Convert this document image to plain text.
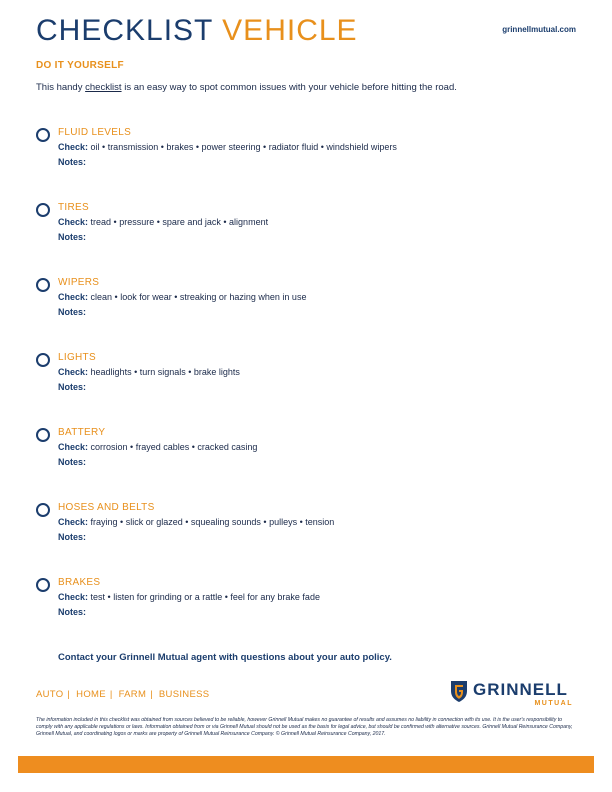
CHECKLIST VEHICLE	grinnellmutual.com
DO IT YOURSELF
This handy checklist is an easy way to spot common issues with your vehicle before hitting the road.
FLUID LEVELS
Check: oil • transmission • brakes • power steering • radiator fluid • windshield wipers
Notes:
TIRES
Check: tread • pressure • spare and jack • alignment
Notes:
WIPERS
Check: clean • look for wear • streaking or hazing when in use
Notes:
LIGHTS
Check: headlights • turn signals • brake lights
Notes:
BATTERY
Check: corrosion • frayed cables • cracked casing
Notes:
HOSES AND BELTS
Check: fraying • slick or glazed • squealing sounds • pulleys • tension
Notes:
BRAKES
Check: test • listen for grinding or a rattle • feel for any brake fade
Notes:
Contact your Grinnell Mutual agent with questions about your auto policy.
AUTO | HOME | FARM | BUSINESS	GRINNELL
MUTUAL

The information included in this checklist was obtained from sources believed to be reliable, however Grinnell Mutual makes no guarantee of results and assumes no liability in connection with its use. It is the user's responsibility to comply with any applicable regulations or laws. Information obtained from or via Grinnell Mutual should not be used as the basis for legal advice, but should be confirmed with alternative sources. Grinnell Mutual Reinsurance Company, Grinnell Mutual, and coordinating logos or marks are property of Grinnell Mutual Reinsurance Company. © Grinnell Mutual Reinsurance Company, 2017.
